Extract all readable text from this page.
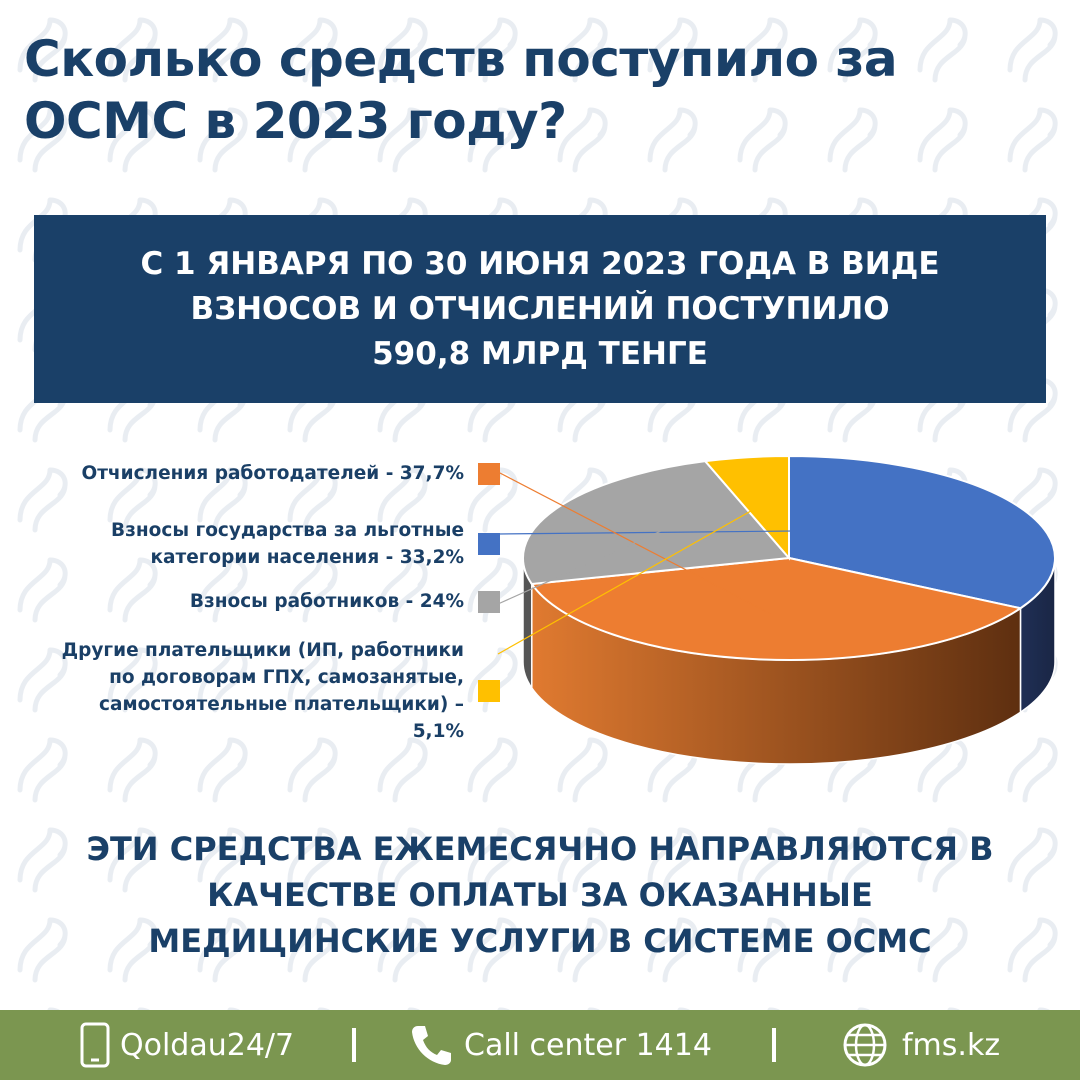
Сколько средств поступило за
ОСМС в 2023 году?
С 1 ЯНВАРЯ ПО 30 ИЮНЯ 2023 ГОДА В ВИДЕ
ВЗНОСОВ И ОТЧИСЛЕНИЙ ПОСТУПИЛО
590,8 МЛРД ТЕНГЕ
Отчисления работодателей - 37,7%
Взносы государства за льготные
категории населения - 33,2%
Взносы работников - 24%
Другие плательщики (ИП, работники
по договорам ГПХ, самозанятые,
самостоятельные плательщики) –
5,1%
ЭТИ СРЕДСТВА ЕЖЕМЕСЯЧНО НАПРАВЛЯЮТСЯ В
КАЧЕСТВЕ ОПЛАТЫ ЗА ОКАЗАННЫЕ
МЕДИЦИНСКИЕ УСЛУГИ В СИСТЕМЕ ОСМС
Qoldau24/7	Call center 1414	fms.kz
